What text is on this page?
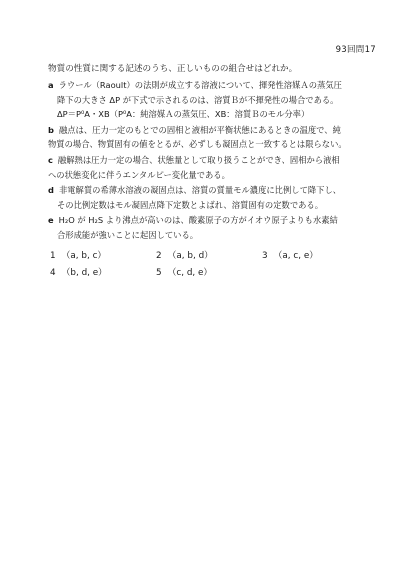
93回問17
物質の性質に関する記述のうち、正しいものの組合せはどれか。
a ラウール（Raoult）の法則が成立する溶液について、揮発性溶媒Ａの蒸気圧
降下の大きさ ΔP が下式で示されるのは、溶質Ｂが不揮発性の場合である。
ΔP＝P⁰A・XB（P⁰A：純溶媒Ａの蒸気圧、XB：溶質Ｂのモル分率）
b 融点は、圧力一定のもとでの固相と液相が平衡状態にあるときの温度で、純
物質の場合、物質固有の値をとるが、必ずしも凝固点と一致するとは限らない。
c 融解熱は圧力一定の場合、状態量として取り扱うことができ、固相から液相
への状態変化に伴うエンタルピー変化量である。
d 非電解質の希薄水溶液の凝固点は、溶質の質量モル濃度に比例して降下し、
その比例定数はモル凝固点降下定数とよばれ、溶質固有の定数である。
e H₂O が H₂S より沸点が高いのは、酸素原子の方がイオウ原子よりも水素結
合形成能が強いことに起因している。
1 （a, b, c）	2 （a, b, d）	3 （a, c, e）
4 （b, d, e）	5 （c, d, e）
